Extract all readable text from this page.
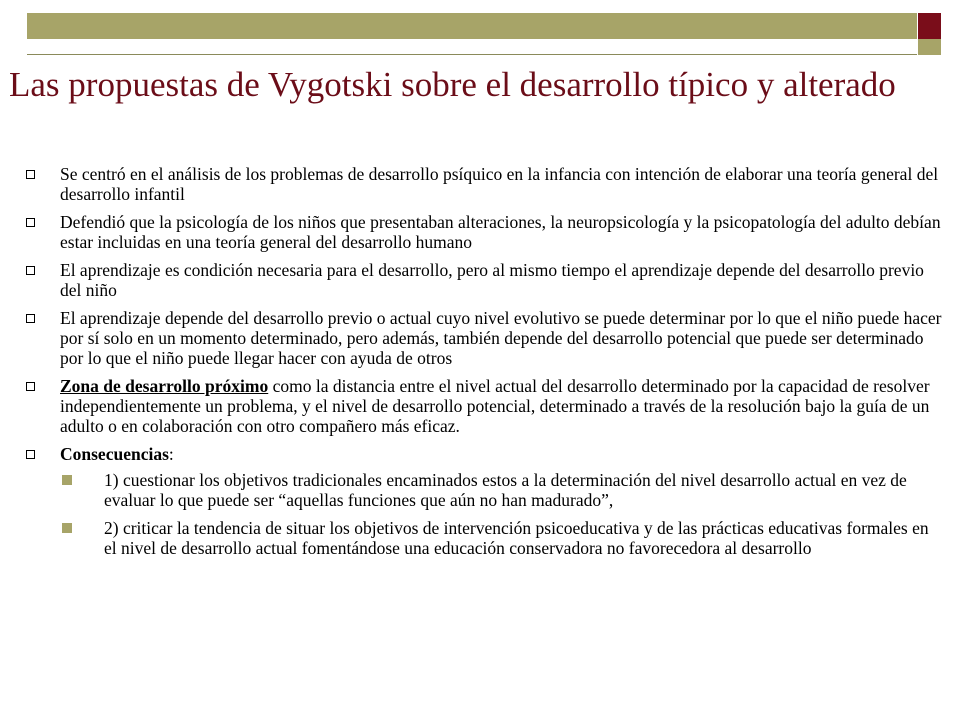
Las propuestas de Vygotski sobre el desarrollo típico y alterado
Se centró en el análisis de los problemas de desarrollo psíquico en la infancia con intención de elaborar una teoría general del desarrollo infantil
Defendió que la psicología de los niños que presentaban alteraciones, la neuropsicología y la psicopatología del adulto debían estar incluidas en una teoría general del desarrollo humano
El aprendizaje es condición necesaria para el desarrollo, pero al mismo tiempo el aprendizaje depende del desarrollo previo del niño
El aprendizaje depende del desarrollo previo o actual cuyo nivel evolutivo se puede determinar por lo que el niño puede hacer por sí solo en un momento determinado, pero además, también depende del desarrollo potencial que puede ser determinado por lo que el niño puede llegar hacer con ayuda de otros
Zona de desarrollo próximo como la distancia entre el nivel actual del desarrollo determinado por la capacidad de resolver independientemente un problema, y el nivel de desarrollo potencial, determinado a través de la resolución bajo la guía de un adulto o en colaboración con otro compañero más eficaz.
Consecuencias:
1) cuestionar los objetivos tradicionales encaminados estos a la determinación del nivel desarrollo actual en vez de evaluar lo que puede ser “aquellas funciones que aún no han madurado”,
2) criticar la tendencia de situar los objetivos de intervención psicoeducativa y de las prácticas educativas formales en el nivel de desarrollo actual fomentándose una educación conservadora no favorecedora al desarrollo
